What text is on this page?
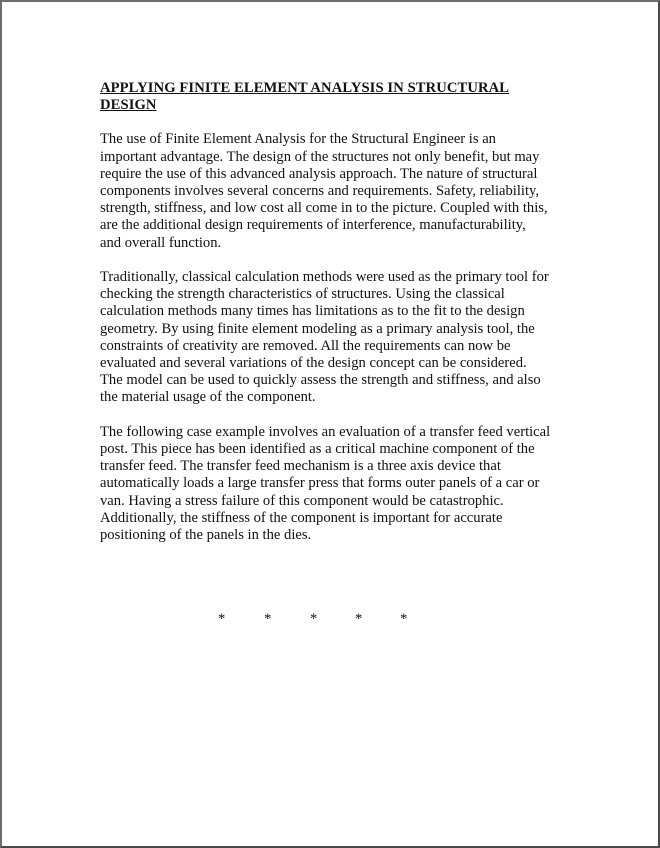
APPLYING FINITE ELEMENT ANALYSIS IN STRUCTURAL
DESIGN
The use of Finite Element Analysis for the Structural Engineer is an
important advantage. The design of the structures not only benefit, but may
require the use of this advanced analysis approach. The nature of structural
components involves several concerns and requirements. Safety, reliability,
strength, stiffness, and low cost all come in to the picture. Coupled with this,
are the additional design requirements of interference, manufacturability,
and overall function.
Traditionally, classical calculation methods were used as the primary tool for
checking the strength characteristics of structures. Using the classical
calculation methods many times has limitations as to the fit to the design
geometry. By using finite element modeling as a primary analysis tool, the
constraints of creativity are removed. All the requirements can now be
evaluated and several variations of the design concept can be considered.
The model can be used to quickly assess the strength and stiffness, and also
the material usage of the component.
The following case example involves an evaluation of a transfer feed vertical
post. This piece has been identified as a critical machine component of the
transfer feed. The transfer feed mechanism is a three axis device that
automatically loads a large transfer press that forms outer panels of a car or
van. Having a stress failure of this component would be catastrophic.
Additionally, the stiffness of the component is important for accurate
positioning of the panels in the dies.
*	*	*	*	*
